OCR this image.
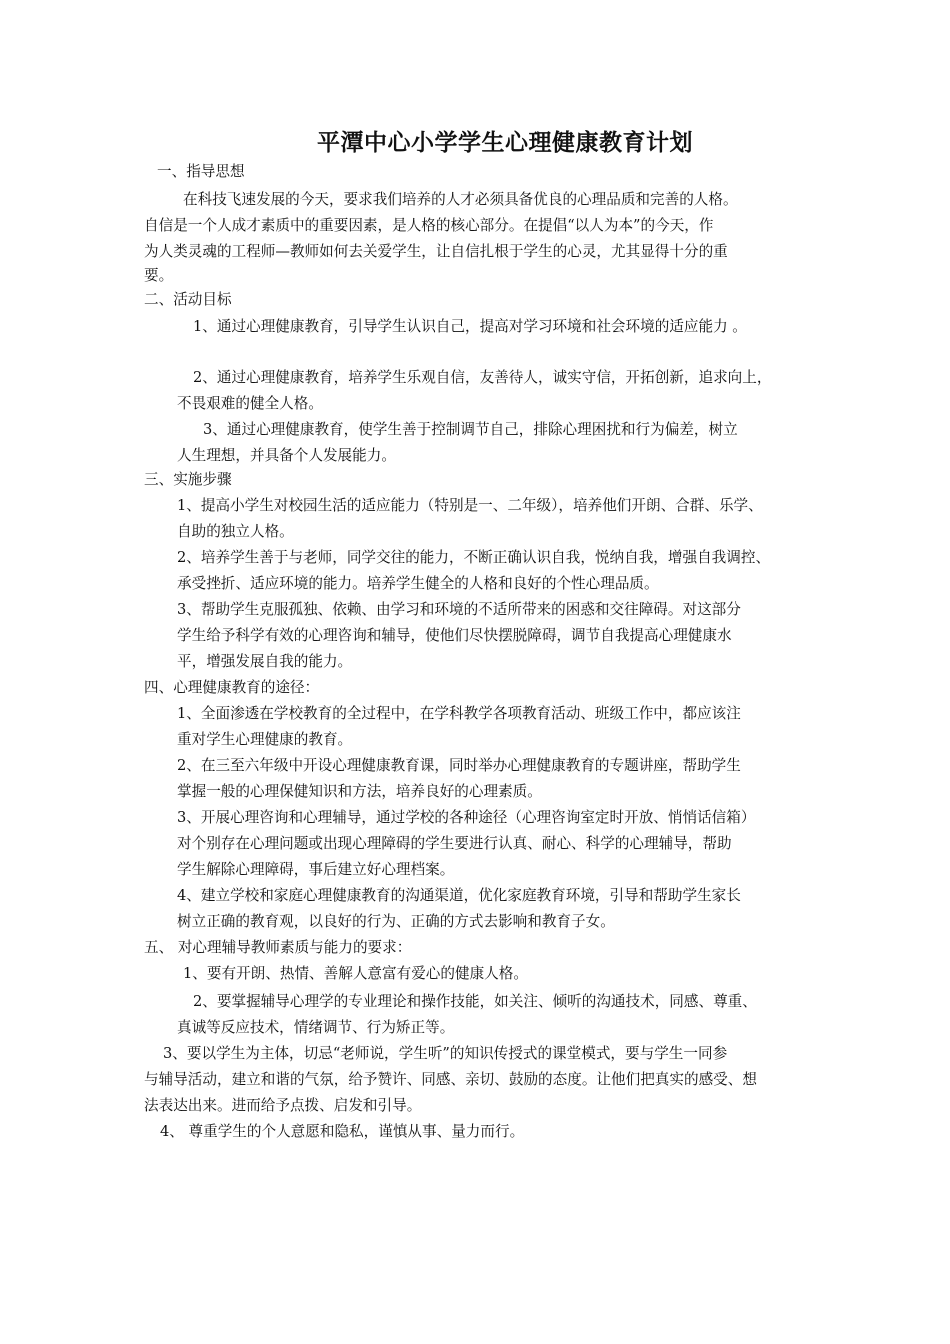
平潭中心小学学生心理健康教育计划
一、指导思想
在科技飞速发展的今天，要求我们培养的人才必须具备优良的心理品质和完善的人格。
自信是一个人成才素质中的重要因素，是人格的核心部分。在提倡“以人为本”的今天，作
为人类灵魂的工程师—教师如何去关爱学生，让自信扎根于学生的心灵，尤其显得十分的重
要。
二、活动目标
1、通过心理健康教育，引导学生认识自己，提高对学习环境和社会环境的适应能力 。
2、通过心理健康教育，培养学生乐观自信，友善待人，诚实守信，开拓创新，追求向上，
不畏艰难的健全人格。
3、通过心理健康教育，使学生善于控制调节自己，排除心理困扰和行为偏差，树立
人生理想，并具备个人发展能力。
三、实施步骤
1、提高小学生对校园生活的适应能力（特别是一、二年级），培养他们开朗、合群、乐学、
自助的独立人格。
2、培养学生善于与老师，同学交往的能力，不断正确认识自我，悦纳自我，增强自我调控、
承受挫折、适应环境的能力。培养学生健全的人格和良好的个性心理品质。
3、帮助学生克服孤独、依赖、由学习和环境的不适所带来的困惑和交往障碍。对这部分
学生给予科学有效的心理咨询和辅导，使他们尽快摆脱障碍，调节自我提高心理健康水
平，增强发展自我的能力。
四、心理健康教育的途径：
1、全面渗透在学校教育的全过程中，在学科教学各项教育活动、班级工作中，都应该注
重对学生心理健康的教育。
2、在三至六年级中开设心理健康教育课，同时举办心理健康教育的专题讲座，帮助学生
掌握一般的心理保健知识和方法，培养良好的心理素质。
3、开展心理咨询和心理辅导，通过学校的各种途径（心理咨询室定时开放、悄悄话信箱）
对个别存在心理问题或出现心理障碍的学生要进行认真、耐心、科学的心理辅导，帮助
学生解除心理障碍，事后建立好心理档案。
4、建立学校和家庭心理健康教育的沟通渠道，优化家庭教育环境，引导和帮助学生家长
树立正确的教育观，以良好的行为、正确的方式去影响和教育子女。
五、 对心理辅导教师素质与能力的要求：
1、要有开朗、热情、善解人意富有爱心的健康人格。
2、要掌握辅导心理学的专业理论和操作技能，如关注、倾听的沟通技术，同感、尊重、
真诚等反应技术，情绪调节、行为矫正等。
3、要以学生为主体，切忌“老师说，学生听”的知识传授式的课堂模式，要与学生一同参
与辅导活动，建立和谐的气氛，给予赞许、同感、亲切、鼓励的态度。让他们把真实的感受、想
法表达出来。进而给予点拨、启发和引导。
4、 尊重学生的个人意愿和隐私，谨慎从事、量力而行。
